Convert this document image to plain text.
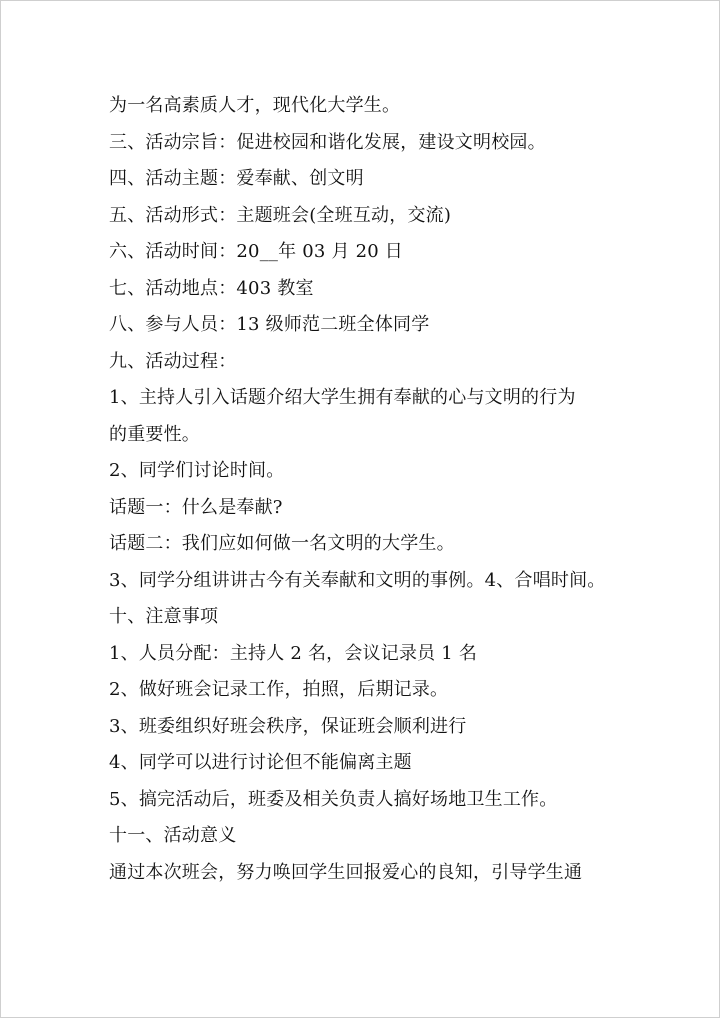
为一名高素质人才，现代化大学生。
三、活动宗旨：促进校园和谐化发展，建设文明校园。
四、活动主题：爱奉献、创文明
五、活动形式：主题班会(全班互动，交流)
六、活动时间：20__年 03 月 20 日
七、活动地点：403 教室
八、参与人员：13 级师范二班全体同学
九、活动过程：
1、主持人引入话题介绍大学生拥有奉献的心与文明的行为
的重要性。
2、同学们讨论时间。
话题一：什么是奉献?
话题二：我们应如何做一名文明的大学生。
3、同学分组讲讲古今有关奉献和文明的事例。4、合唱时间。
十、注意事项
1、人员分配：主持人 2 名，会议记录员 1 名
2、做好班会记录工作，拍照，后期记录。
3、班委组织好班会秩序，保证班会顺利进行
4、同学可以进行讨论但不能偏离主题
5、搞完活动后，班委及相关负责人搞好场地卫生工作。
十一、活动意义
通过本次班会，努力唤回学生回报爱心的良知，引导学生通
